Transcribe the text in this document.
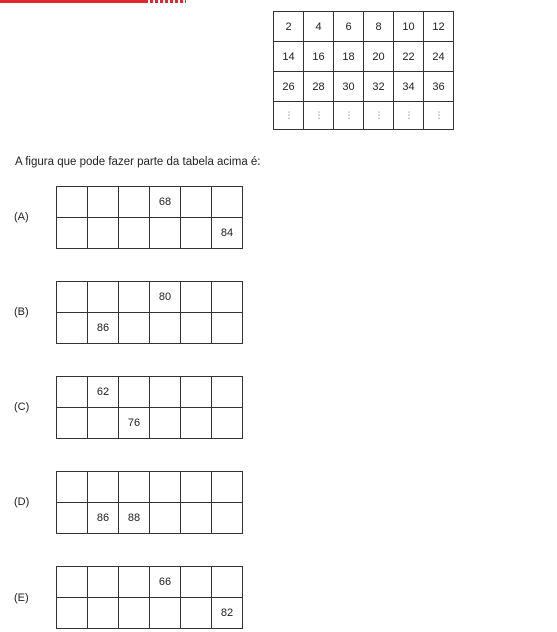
2	4	6	8	10	12
14	16	18	20	22	24
26	28	30	32	34	36
⋮	⋮	⋮	⋮	⋮	⋮

A figura que pode fazer parte da tabela acima é:

(A)
			68		
					84
(B)
			80		
	86				
(C)
	62				
		76			
(D)

	86	88			
(E)
			66		
					82
